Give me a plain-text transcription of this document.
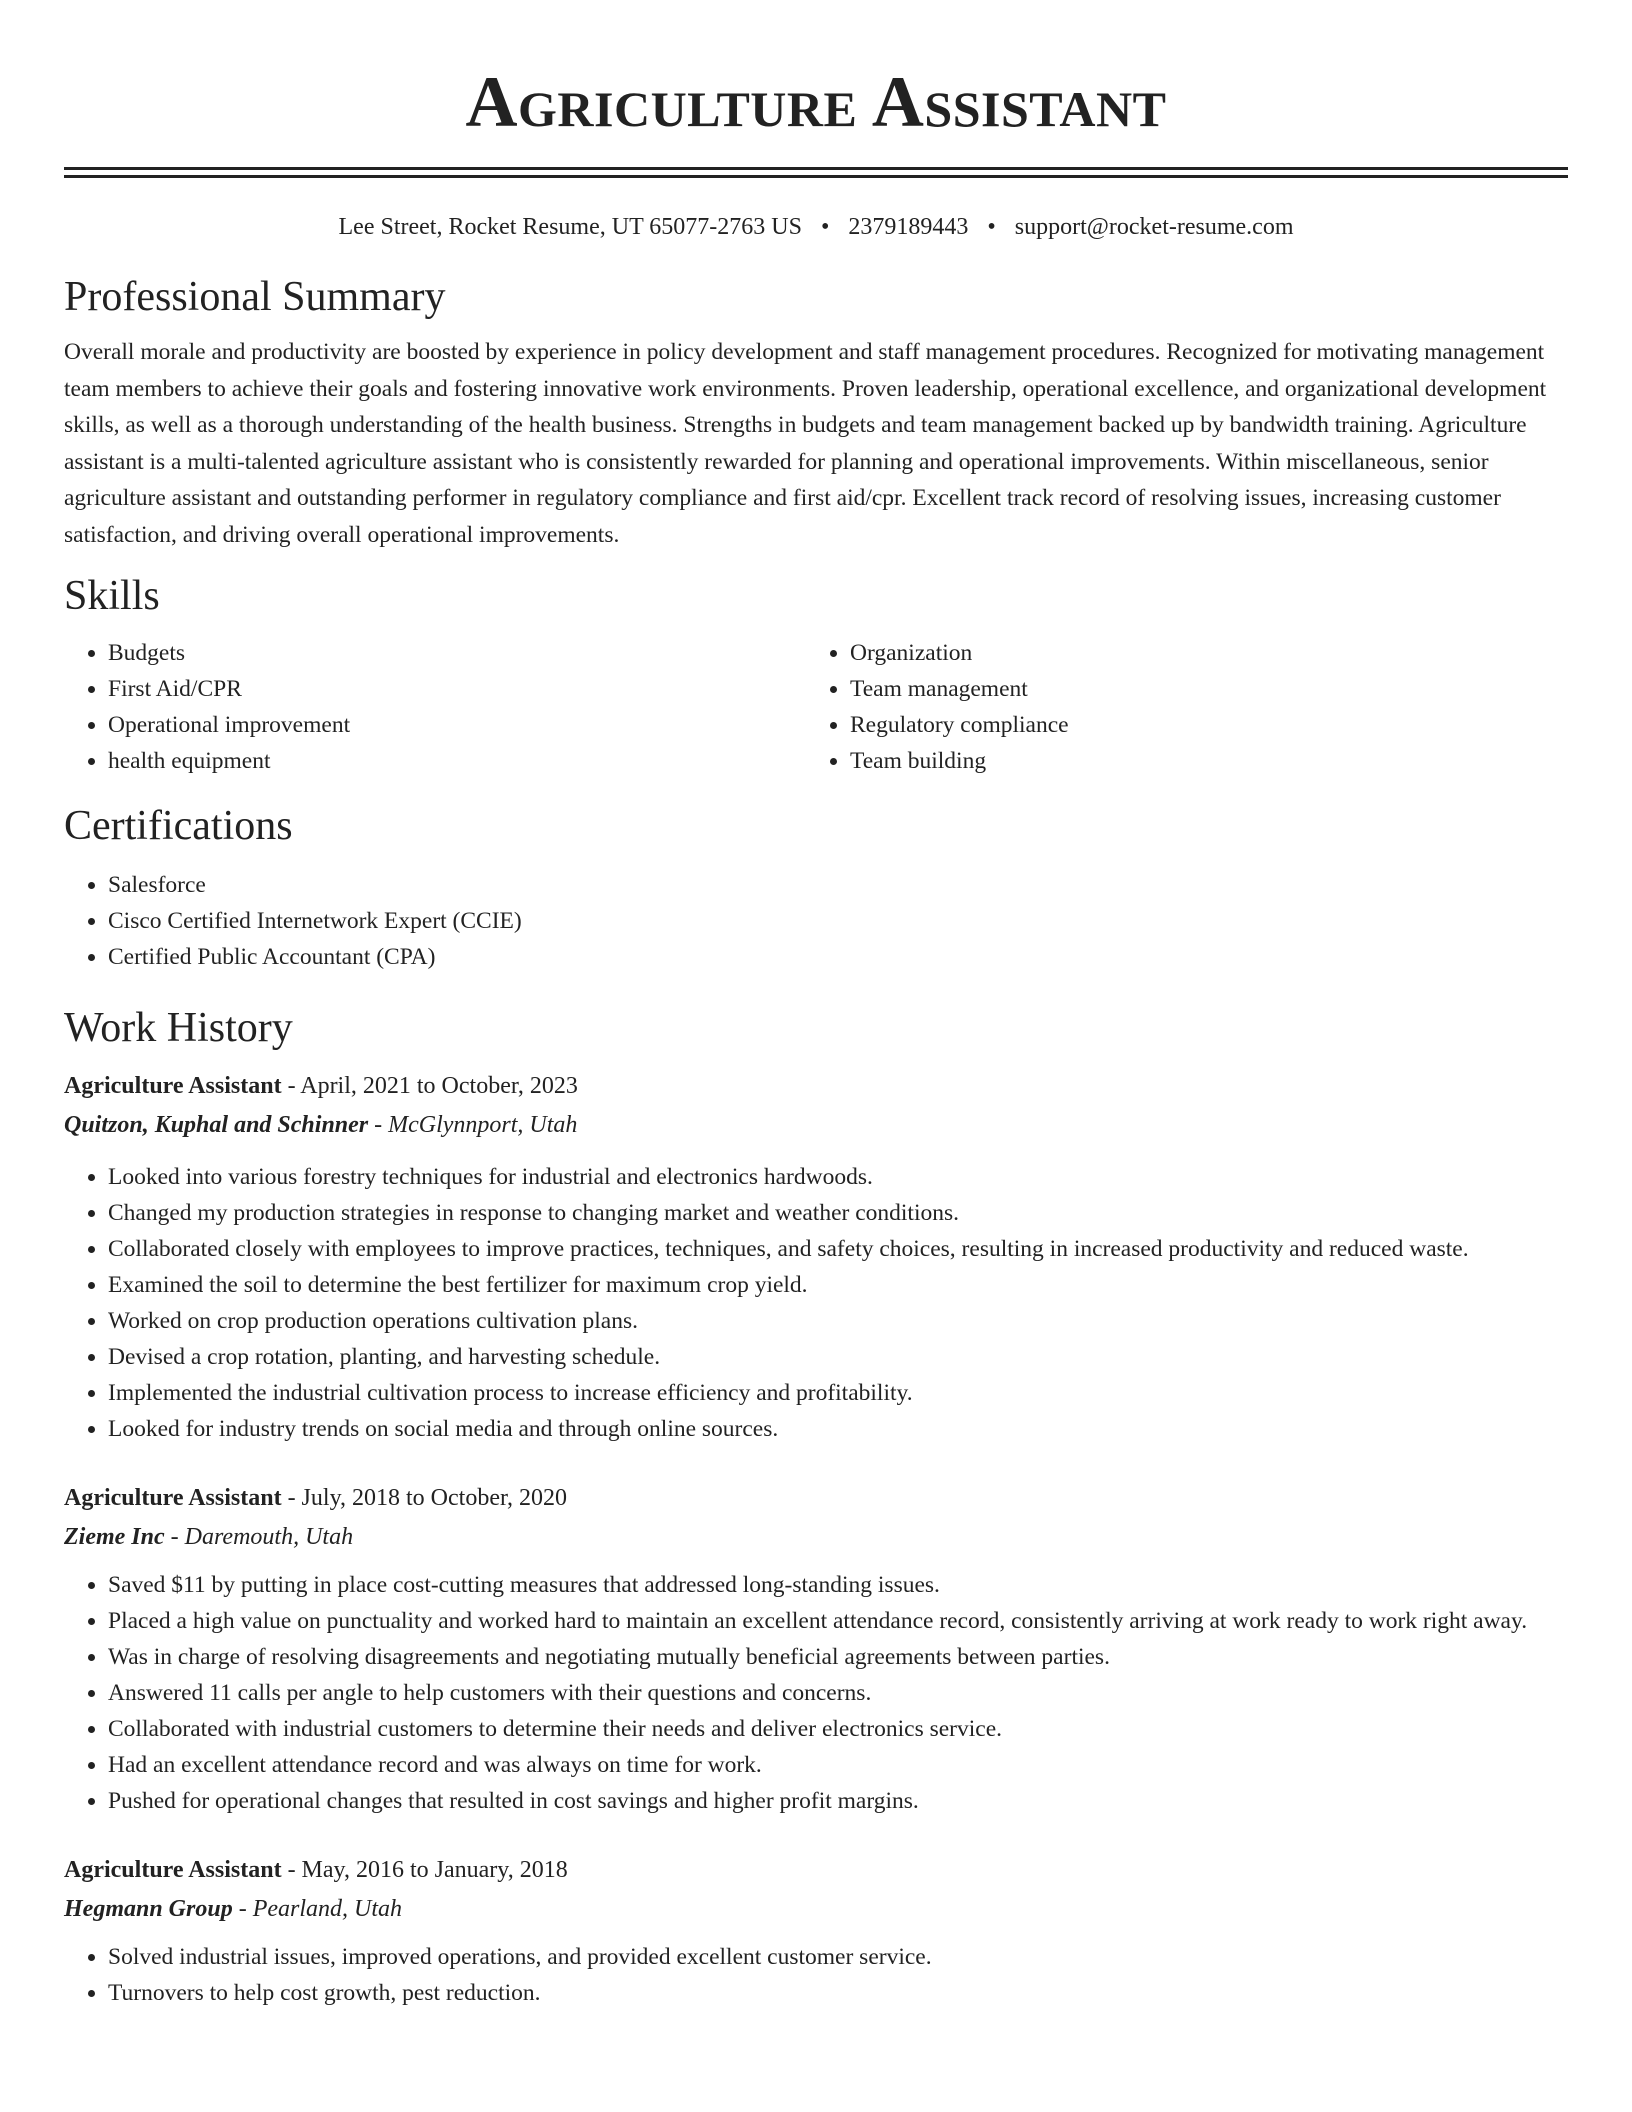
Agriculture Assistant
Lee Street, Rocket Resume, UT 65077-2763 US • 2379189443 • support@rocket-resume.com
Professional Summary
Overall morale and productivity are boosted by experience in policy development and staff management procedures. Recognized for motivating management team members to achieve their goals and fostering innovative work environments. Proven leadership, operational excellence, and organizational development skills, as well as a thorough understanding of the health business. Strengths in budgets and team management backed up by bandwidth training. Agriculture assistant is a multi-talented agriculture assistant who is consistently rewarded for planning and operational improvements. Within miscellaneous, senior agriculture assistant and outstanding performer in regulatory compliance and first aid/cpr. Excellent track record of resolving issues, increasing customer satisfaction, and driving overall operational improvements.
Skills
• Budgets
• First Aid/CPR
• Operational improvement
• health equipment
• Organization
• Team management
• Regulatory compliance
• Team building
Certifications
• Salesforce
• Cisco Certified Internetwork Expert (CCIE)
• Certified Public Accountant (CPA)
Work History
Agriculture Assistant - April, 2021 to October, 2023
Quitzon, Kuphal and Schinner - McGlynnport, Utah
• Looked into various forestry techniques for industrial and electronics hardwoods.
• Changed my production strategies in response to changing market and weather conditions.
• Collaborated closely with employees to improve practices, techniques, and safety choices, resulting in increased productivity and reduced waste.
• Examined the soil to determine the best fertilizer for maximum crop yield.
• Worked on crop production operations cultivation plans.
• Devised a crop rotation, planting, and harvesting schedule.
• Implemented the industrial cultivation process to increase efficiency and profitability.
• Looked for industry trends on social media and through online sources.
Agriculture Assistant - July, 2018 to October, 2020
Zieme Inc - Daremouth, Utah
• Saved $11 by putting in place cost-cutting measures that addressed long-standing issues.
• Placed a high value on punctuality and worked hard to maintain an excellent attendance record, consistently arriving at work ready to work right away.
• Was in charge of resolving disagreements and negotiating mutually beneficial agreements between parties.
• Answered 11 calls per angle to help customers with their questions and concerns.
• Collaborated with industrial customers to determine their needs and deliver electronics service.
• Had an excellent attendance record and was always on time for work.
• Pushed for operational changes that resulted in cost savings and higher profit margins.
Agriculture Assistant - May, 2016 to January, 2018
Hegmann Group - Pearland, Utah
• Solved industrial issues, improved operations, and provided excellent customer service.
• Turnovers to help cost growth, pest reduction.
